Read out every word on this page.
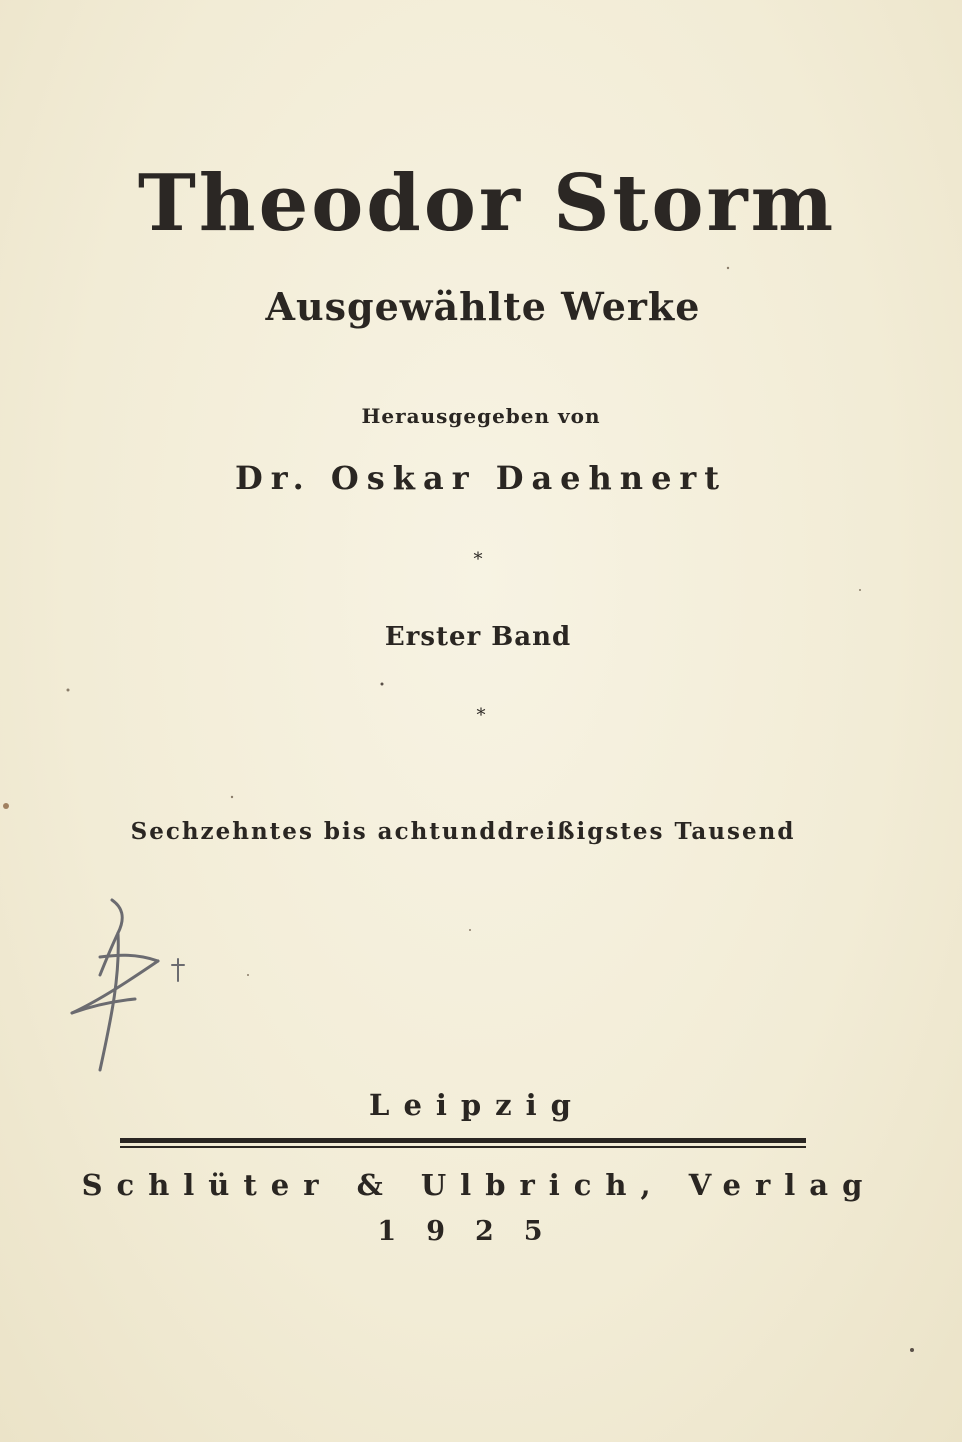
Theodor Storm
Ausgewählte Werke
Herausgegeben von
Dr. Oskar Daehnert
*
Erster Band
*
Sechzehntes bis achtunddreißigstes Tausend
Leipzig
Schlüter & Ulbrich, Verlag
1925
